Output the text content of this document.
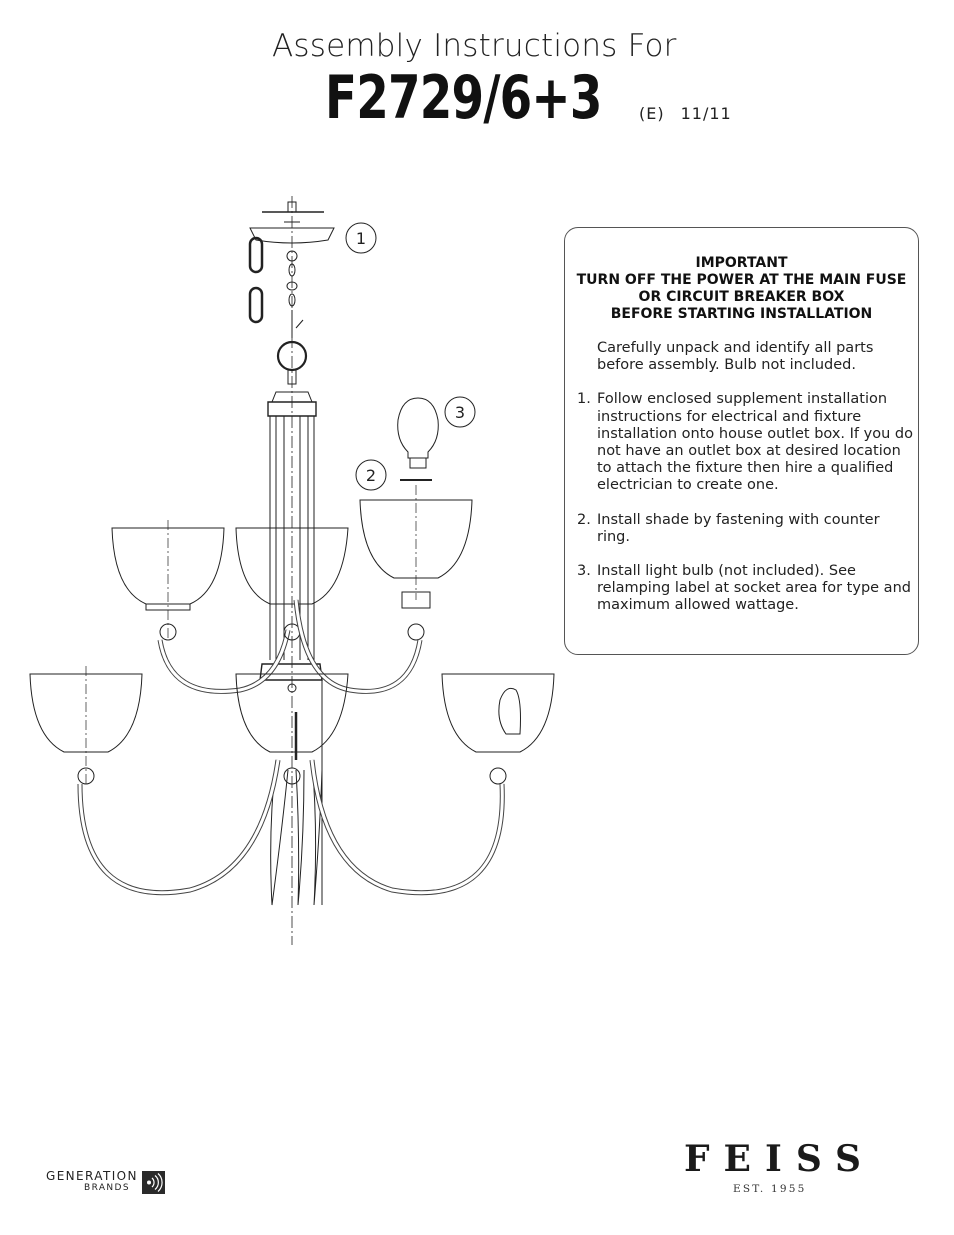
Assembly Instructions For
F2729/6+3 (E) 11/11
1
2
3
IMPORTANT
TURN OFF THE POWER AT THE MAIN FUSE
OR CIRCUIT BREAKER BOX
BEFORE STARTING INSTALLATION
Carefully unpack and identify all parts before assembly. Bulb not included.
1. Follow enclosed supplement installation instructions for electrical and fixture installation onto house outlet box. If you do not have an outlet box at desired location to attach the fixture then hire a qualified electrician to create one.
2. Install shade by fastening with counter ring.
3. Install light bulb (not included). See relamping label at socket area for type and maximum allowed wattage.
GENERATION
BRANDS
FEISS
EST. 1955
